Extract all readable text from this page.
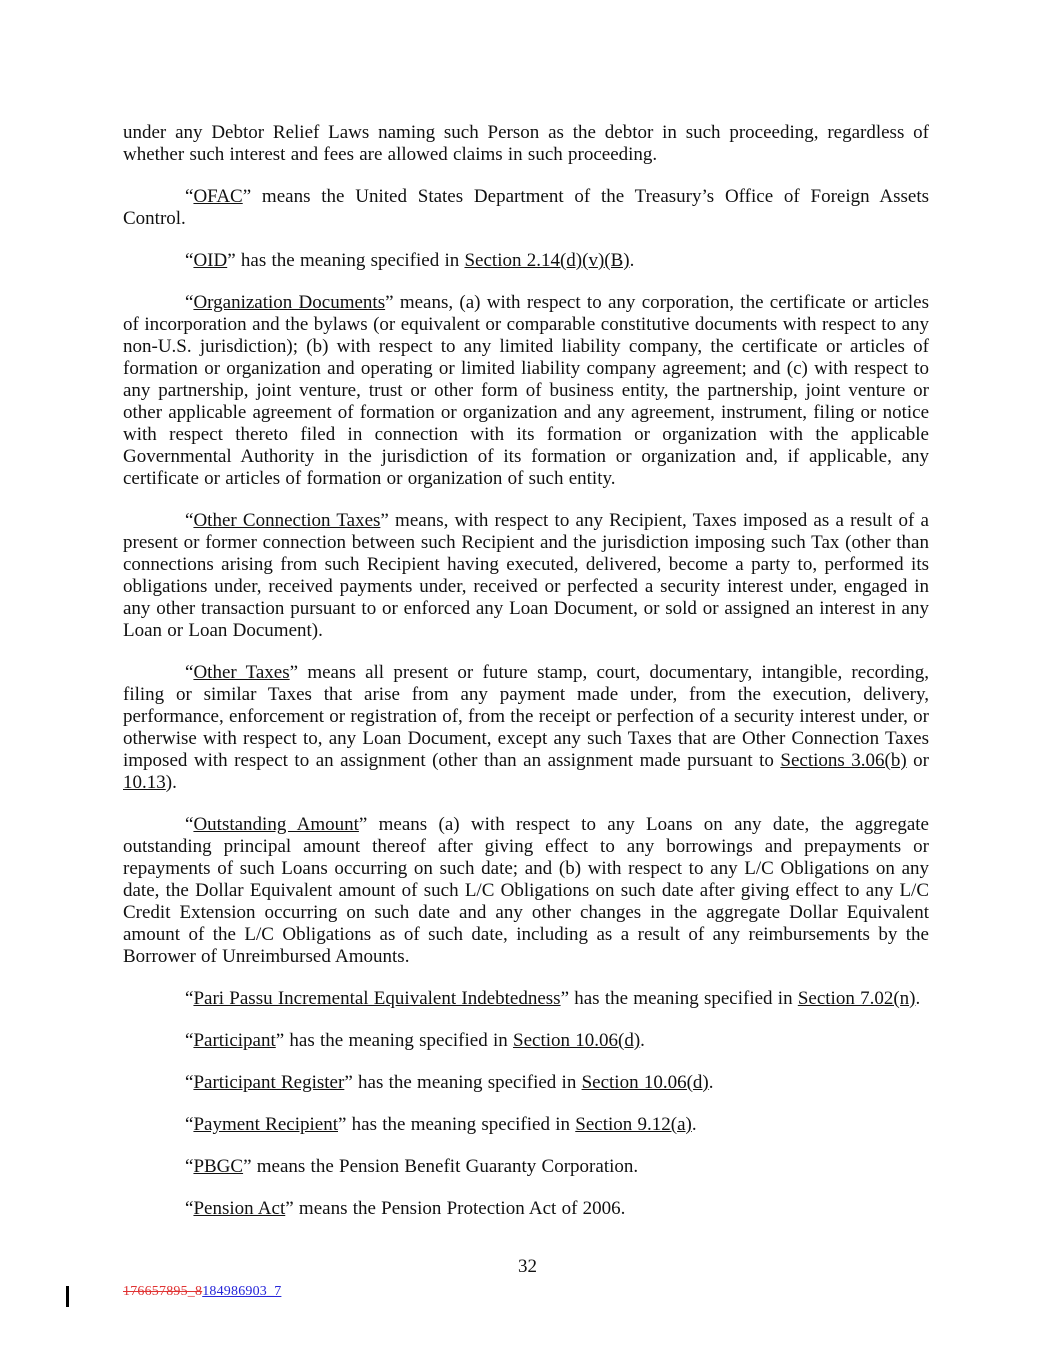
under any Debtor Relief Laws naming such Person as the debtor in such proceeding, regardless of whether such interest and fees are allowed claims in such proceeding.

“OFAC” means the United States Department of the Treasury’s Office of Foreign Assets Control.

“OID” has the meaning specified in Section 2.14(d)(v)(B).

“Organization Documents” means, (a) with respect to any corporation, the certificate or articles of incorporation and the bylaws (or equivalent or comparable constitutive documents with respect to any non-U.S. jurisdiction); (b) with respect to any limited liability company, the certificate or articles of formation or organization and operating or limited liability company agreement; and (c) with respect to any partnership, joint venture, trust or other form of business entity, the partnership, joint venture or other applicable agreement of formation or organization and any agreement, instrument, filing or notice with respect thereto filed in connection with its formation or organization with the applicable Governmental Authority in the jurisdiction of its formation or organization and, if applicable, any certificate or articles of formation or organization of such entity.

“Other Connection Taxes” means, with respect to any Recipient, Taxes imposed as a result of a present or former connection between such Recipient and the jurisdiction imposing such Tax (other than connections arising from such Recipient having executed, delivered, become a party to, performed its obligations under, received payments under, received or perfected a security interest under, engaged in any other transaction pursuant to or enforced any Loan Document, or sold or assigned an interest in any Loan or Loan Document).

“Other Taxes” means all present or future stamp, court, documentary, intangible, recording, filing or similar Taxes that arise from any payment made under, from the execution, delivery, performance, enforcement or registration of, from the receipt or perfection of a security interest under, or otherwise with respect to, any Loan Document, except any such Taxes that are Other Connection Taxes imposed with respect to an assignment (other than an assignment made pursuant to Sections 3.06(b) or 10.13).

“Outstanding Amount” means (a) with respect to any Loans on any date, the aggregate outstanding principal amount thereof after giving effect to any borrowings and prepayments or repayments of such Loans occurring on such date; and (b) with respect to any L/C Obligations on any date, the Dollar Equivalent amount of such L/C Obligations on such date after giving effect to any L/C Credit Extension occurring on such date and any other changes in the aggregate Dollar Equivalent amount of the L/C Obligations as of such date, including as a result of any reimbursements by the Borrower of Unreimbursed Amounts.

“Pari Passu Incremental Equivalent Indebtedness” has the meaning specified in Section 7.02(n).

“Participant” has the meaning specified in Section 10.06(d).

“Participant Register” has the meaning specified in Section 10.06(d).

“Payment Recipient” has the meaning specified in Section 9.12(a).

“PBGC” means the Pension Benefit Guaranty Corporation.

“Pension Act” means the Pension Protection Act of 2006.

32
176657895_8184986903_7
